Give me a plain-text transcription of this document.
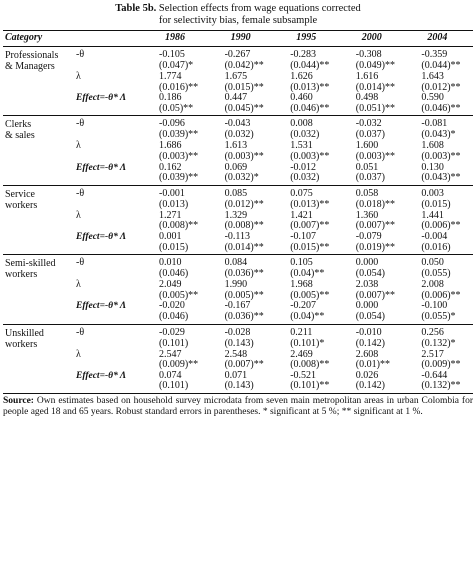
Table 5b. Selection effects from wage equations corrected
for selectivity bias, female subsample
Category		1986	1990	1995	2000	2004
Professionals	-θ	-0.105	-0.267	-0.283	-0.308	-0.359
& Managers		(0.047)*	(0.042)**	(0.044)**	(0.049)**	(0.044)**
	λ	1.774	1.675	1.626	1.616	1.643
		(0.016)**	(0.015)**	(0.013)**	(0.014)**	(0.012)**
	Effect=-θ* Λ	0.186	0.447	0.460	0.498	0.590
		(0.05)**	(0.045)**	(0.046)**	(0.051)**	(0.046)**
Clerks	-θ	-0.096	-0.043	0.008	-0.032	-0.081
& sales		(0.039)**	(0.032)	(0.032)	(0.037)	(0.043)*
	λ	1.686	1.613	1.531	1.600	1.608
		(0.003)**	(0.003)**	(0.003)**	(0.003)**	(0.003)**
	Effect=-θ* Λ	0.162	0.069	-0.012	0.051	0.130
		(0.039)**	(0.032)*	(0.032)	(0.037)	(0.043)**
Service	-θ	-0.001	0.085	0.075	0.058	0.003
workers		(0.013)	(0.012)**	(0.013)**	(0.018)**	(0.015)
	λ	1.271	1.329	1.421	1.360	1.441
		(0.008)**	(0.008)**	(0.007)**	(0.007)**	(0.006)**
	Effect=-θ* Λ	0.001	-0.113	-0.107	-0.079	-0.004
		(0.015)	(0.014)**	(0.015)**	(0.019)**	(0.016)
Semi-skilled	-θ	0.010	0.084	0.105	0.000	0.050
workers		(0.046)	(0.036)**	(0.04)**	(0.054)	(0.055)
	λ	2.049	1.990	1.968	2.038	2.008
		(0.005)**	(0.005)**	(0.005)**	(0.007)**	(0.006)**
	Effect=-θ* Λ	-0.020	-0.167	-0.207	0.000	-0.100
		(0.046)	(0.036)**	(0.04)**	(0.054)	(0.055)*
Unskilled	-θ	-0.029	-0.028	0.211	-0.010	0.256
workers		(0.101)	(0.143)	(0.101)*	(0.142)	(0.132)*
	λ	2.547	2.548	2.469	2.608	2.517
		(0.009)**	(0.007)**	(0.008)**	(0.01)**	(0.009)**
	Effect=-θ* Λ	0.074	0.071	-0.521	0.026	-0.644
		(0.101)	(0.143)	(0.101)**	(0.142)	(0.132)**
Source: Own estimates based on household survey microdata from seven main metropolitan areas in urban Colombia for people aged 18 and 65 years. Robust standard errors in parentheses. * significant at 5 %; ** significant at 1 %.
